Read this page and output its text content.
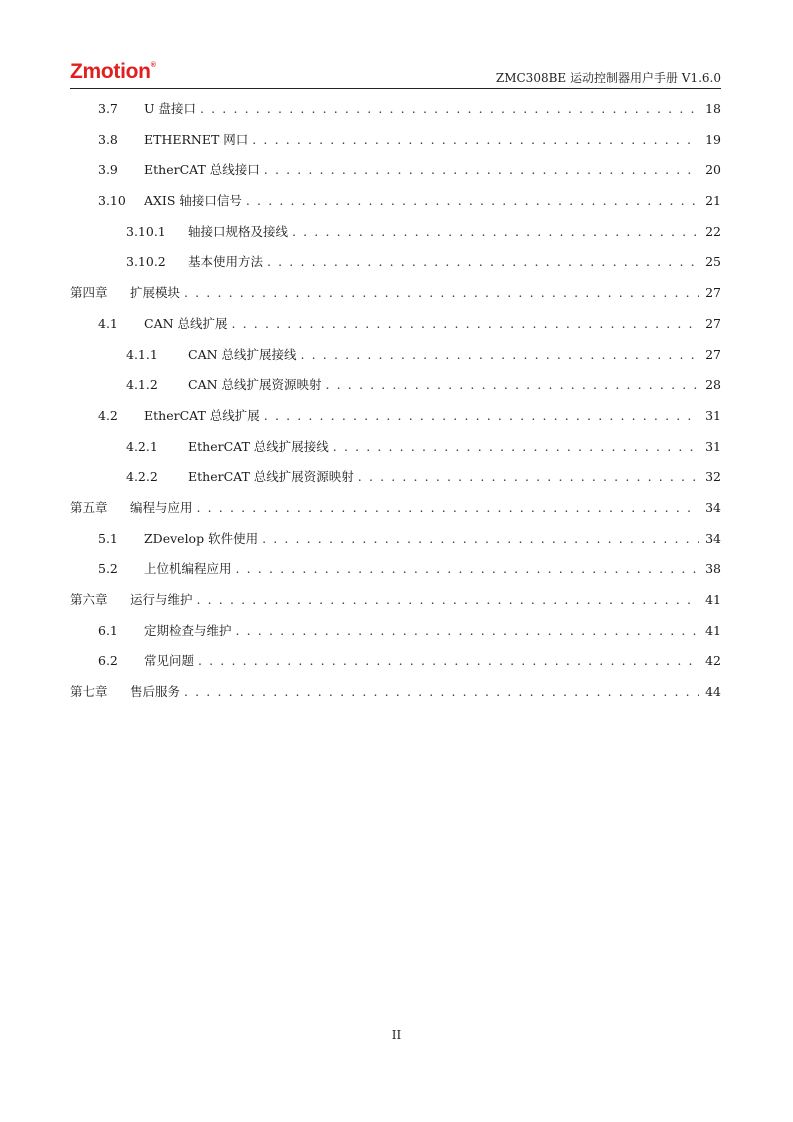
Zmotion®
ZMC308BE 运动控制器用户手册 V1.6.0
3.7	U 盘接口 . . .	18
3.8	ETHERNET 网口 . . .	19
3.9	EtherCAT 总线接口 . . .	20
3.10	AXIS 轴接口信号 . . .	21
3.10.1	轴接口规格及接线 . . .	22
3.10.2	基本使用方法 . . .	25
第四章	扩展模块 . . .	27
4.1	CAN 总线扩展 . . .	27
4.1.1	CAN 总线扩展接线 . . .	27
4.1.2	CAN 总线扩展资源映射 . . .	28
4.2	EtherCAT 总线扩展 . . .	31
4.2.1	EtherCAT 总线扩展接线 . . .	31
4.2.2	EtherCAT 总线扩展资源映射 . . .	32
第五章	编程与应用 . . .	34
5.1	ZDevelop 软件使用 . . .	34
5.2	上位机编程应用 . . .	38
第六章	运行与维护 . . .	41
6.1	定期检查与维护 . . .	41
6.2	常见问题 . . .	42
第七章	售后服务 . . .	44
II
